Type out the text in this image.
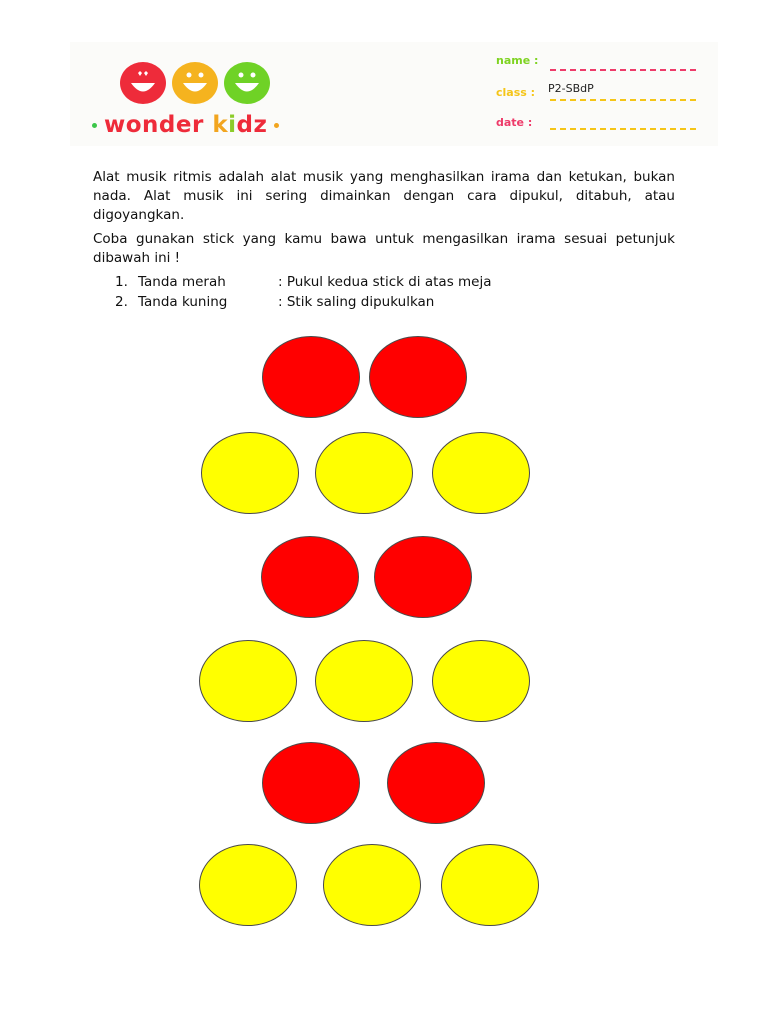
wonder kidz
name :
class : P2-SBdP
date :

Alat musik ritmis adalah alat musik yang menghasilkan irama dan ketukan, bukan nada. Alat musik ini sering dimainkan dengan cara dipukul, ditabuh, atau digoyangkan.

Coba gunakan stick yang kamu bawa untuk mengasilkan irama sesuai petunjuk dibawah ini !

1. Tanda merah	: Pukul kedua stick di atas meja
2. Tanda kuning	: Stik saling dipukulkan
